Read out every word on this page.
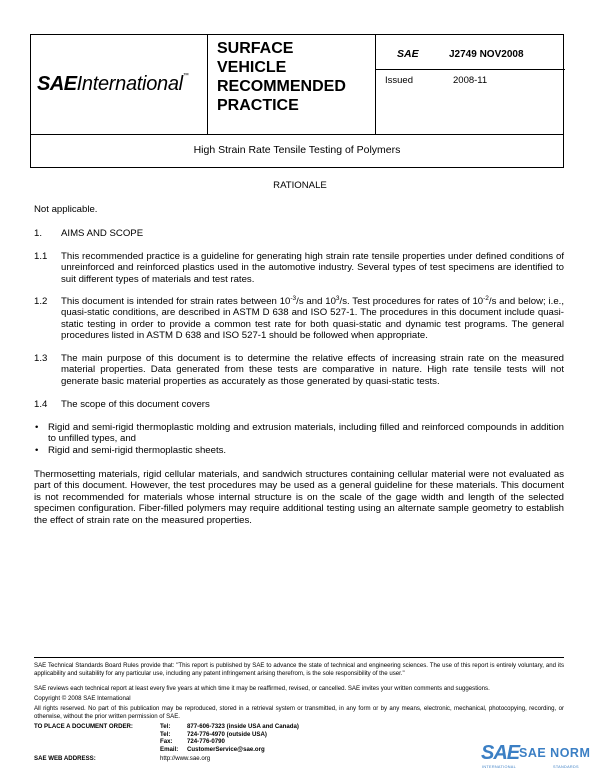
SAEInternational™
SURFACE
VEHICLE
RECOMMENDED
PRACTICE
SAE	J2749 NOV2008
Issued	2008-11
High Strain Rate Tensile Testing of Polymers
RATIONALE
Not applicable.
1. AIMS AND SCOPE
1.1 This recommended practice is a guideline for generating high strain rate tensile properties under defined conditions of unreinforced and reinforced plastics used in the automotive industry. Several types of test specimens are identified to suit different types of materials and test rates.
1.2 This document is intended for strain rates between $10^{-3}/s$ and $10^3/s$. Test procedures for rates of $10^{-2}/s$ and below; i.e., quasi-static conditions, are described in ASTM D 638 and ISO 527-1. The procedures in this document include quasi-static testing in order to provide a common test rate for both quasi-static and dynamic test programs. The general procedures listed in ASTM D 638 and ISO 527-1 should be followed when appropriate.
1.3 The main purpose of this document is to determine the relative effects of increasing strain rate on the measured material properties. Data generated from these tests are comparative in nature. High rate tensile tests will not generate basic material properties as accurately as those generated by quasi-static tests.
1.4 The scope of this document covers
• Rigid and semi-rigid thermoplastic molding and extrusion materials, including filled and reinforced compounds in addition to unfilled types, and
• Rigid and semi-rigid thermoplastic sheets.
Thermosetting materials, rigid cellular materials, and sandwich structures containing cellular material were not evaluated as part of this document. However, the test procedures may be used as a general guideline for these materials. This document is not recommended for materials whose internal structure is on the scale of the gage width and length of the selected specimen configuration. Fiber-filled polymers may require additional testing using an alternate sample geometry to establish the effect of strain rate on the measured properties.
SAE Technical Standards Board Rules provide that: "This report is published by SAE to advance the state of technical and engineering sciences. The use of this report is entirely voluntary, and its applicability and suitability for any particular use, including any patent infringement arising therefrom, is the sole responsibility of the user."
SAE reviews each technical report at least every five years at which time it may be reaffirmed, revised, or cancelled. SAE invites your written comments and suggestions.
Copyright © 2008 SAE International
All rights reserved. No part of this publication may be reproduced, stored in a retrieval system or transmitted, in any form or by any means, electronic, mechanical, photocopying, recording, or otherwise, without the prior written permission of SAE.
TO PLACE A DOCUMENT ORDER:	Tel:	877-606-7323 (inside USA and Canada)
Tel:	724-776-4970 (outside USA)
Fax: 724-776-0790
Email: CustomerService@sae.org
SAE WEB ADDRESS:	http://www.sae.org	SAE SAE NORM
INTERNATIONAL	STANDARDS
